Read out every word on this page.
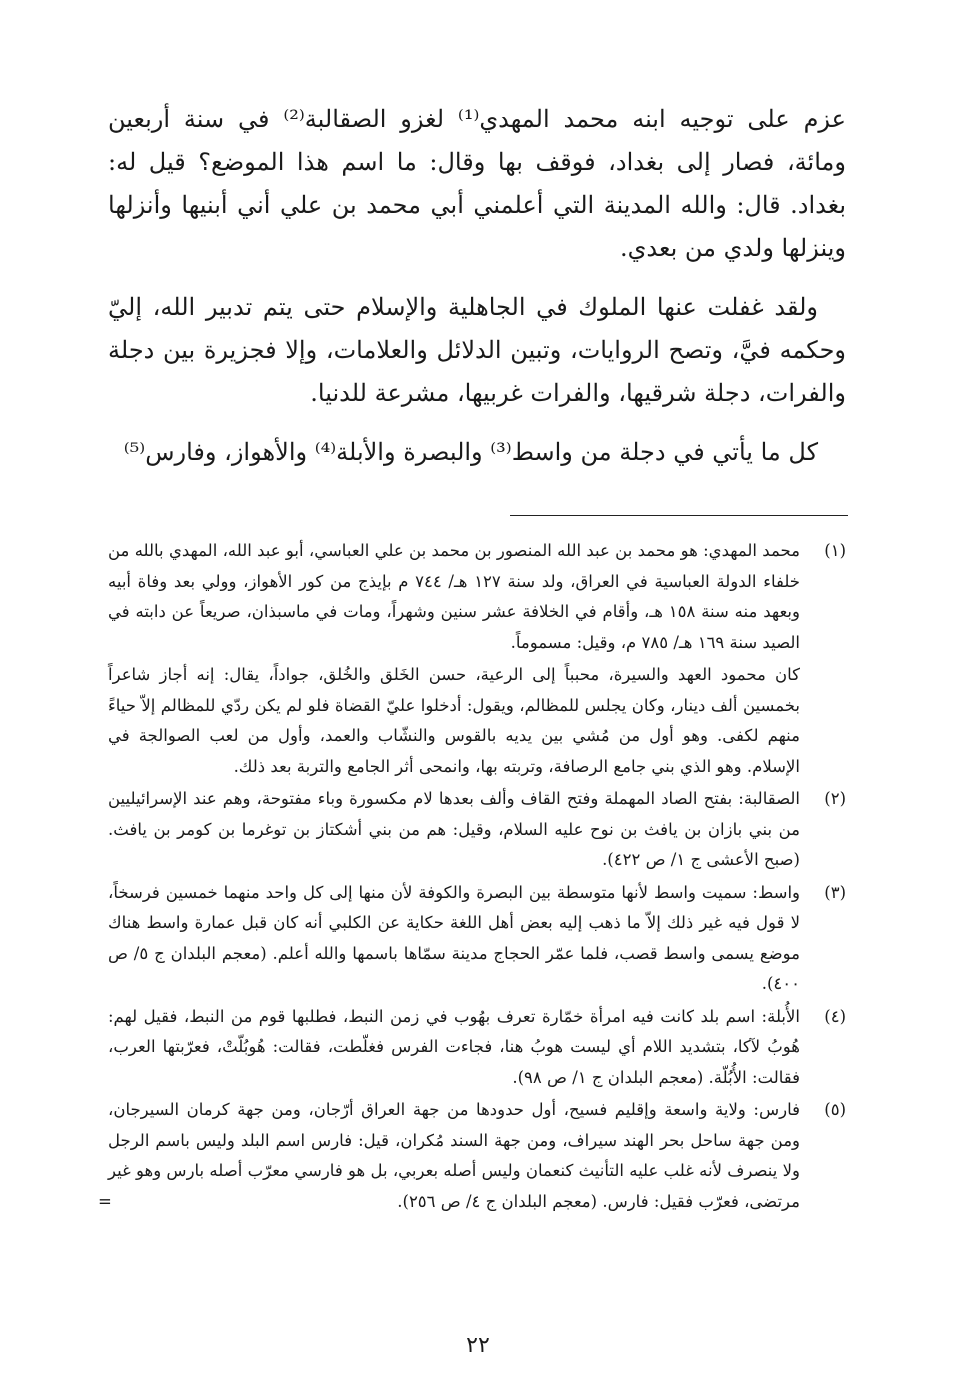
عزم على توجيه ابنه محمد المهدي⁽¹⁾ لغزو الصقالبة⁽²⁾ في سنة أربعين ومائة، فصار إلى بغداد، فوقف بها وقال: ما اسم هذا الموضع؟ قيل له: بغداد. قال: والله المدينة التي أعلمني أبي محمد بن علي أني أبنيها وأنزلها وينزلها ولدي من بعدي.

ولقد غفلت عنها الملوك في الجاهلية والإسلام حتى يتم تدبير الله، إليّ وحكمه فيَّ، وتصح الروايات، وتبين الدلائل والعلامات، وإلا فجزيرة بين دجلة والفرات، دجلة شرقيها، والفرات غربيها، مشرعة للدنيا.

كل ما يأتي في دجلة من واسط⁽³⁾ والبصرة والأبلة⁽⁴⁾ والأهواز، وفارس⁽⁵⁾

(١)

محمد المهدي: هو محمد بن عبد الله المنصور بن محمد بن علي العباسي، أبو عبد الله، المهدي بالله من خلفاء الدولة العباسية في العراق، ولد سنة ١٢٧ هـ/ ٧٤٤ م بإيذج من كور الأهواز، وولي بعد وفاة أبيه وبعهد منه سنة ١٥٨ هـ، وأقام في الخلافة عشر سنين وشهراً، ومات في ماسبذان، صريعاً عن دابته في الصيد سنة ١٦٩ هـ/ ٧٨٥ م، وقيل: مسموماً.

كان محمود العهد والسيرة، محبباً إلى الرعية، حسن الخَلق والخُلق، جواداً، يقال: إنه أجاز شاعراً بخمسين ألف دينار، وكان يجلس للمظالم، ويقول: أدخلوا عليّ القضاة فلو لم يكن ردّي للمظالم إلاّ حياءً منهم لكفى. وهو أول من مُشي بين يديه بالقوس والنشّاب والعمد، وأول من لعب الصوالجة في الإسلام. وهو الذي بني جامع الرصافة، وتربته بها، وانمحى أثر الجامع والتربة بعد ذلك.

(٢)

الصقالبة: بفتح الصاد المهملة وفتح القاف وألف بعدها لام مكسورة وباء مفتوحة، وهم عند الإسرائيليين من بني بازان بن يافث بن نوح عليه السلام، وقيل: هم من بني أشكتاز بن توغرما بن كومر بن يافث. (صبح الأعشى ج ١/ ص ٤٢٢).

(٣)

واسط: سميت واسط لأنها متوسطة بين البصرة والكوفة لأن منها إلى كل واحد منهما خمسين فرسخاً، لا قول فيه غير ذلك إلاّ ما ذهب إليه بعض أهل اللغة حكاية عن الكلبي أنه كان قبل عمارة واسط هناك موضع يسمى واسط قصب، فلما عمّر الحجاج مدينة سمّاها باسمها والله أعلم. (معجم البلدان ج ٥/ ص ٤٠٠).

(٤)

الأُبلة: اسم بلد كانت فيه امرأة خمّارة تعرف بهُوب في زمن النبط، فطلبها قوم من النبط، فقيل لهم: هُوبُ لآكا، بتشديد اللام أي ليست هوبُ هنا، فجاءت الفرس فغلّطت، فقالت: هُوبُلّتْ، فعرّبتها العرب، فقالت: الأُبُلّة. (معجم البلدان ج ١/ ص ٩٨).

(٥)

فارس: ولاية واسعة وإقليم فسيح، أول حدودها من جهة العراق أرّجان، ومن جهة كرمان السيرجان، ومن جهة ساحل بحر الهند سيراف، ومن جهة السند مُكران، قيل: فارس اسم البلد وليس باسم الرجل ولا ينصرف لأنه غلب عليه التأنيث كنعمان وليس أصله بعربي، بل هو فارسي معرّب أصله بارس وهو غير مرتضى، فعرّب فقيل: فارس. (معجم البلدان ج ٤/ ص ٢٥٦).
=

٢٢
